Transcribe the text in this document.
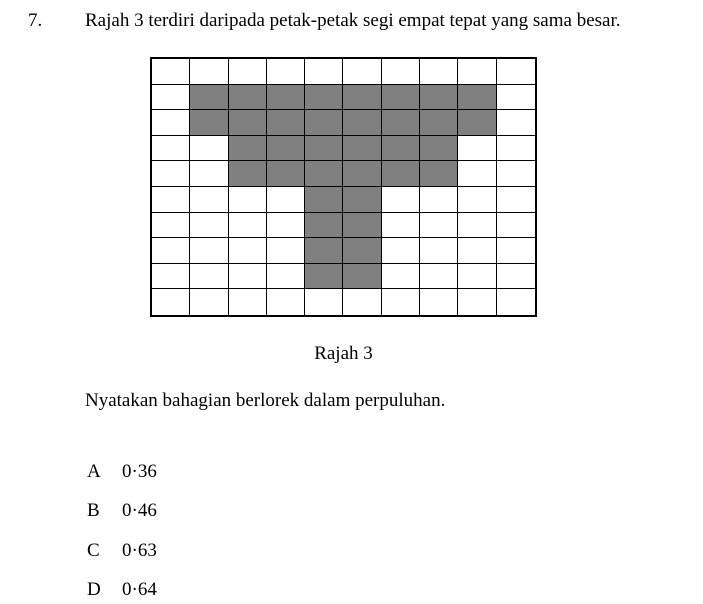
7. Rajah 3 terdiri daripada petak-petak segi empat tepat yang sama besar.
Rajah 3
Nyatakan bahagian berlorek dalam perpuluhan.
A	0·36
B	0·46
C	0·63
D	0·64
